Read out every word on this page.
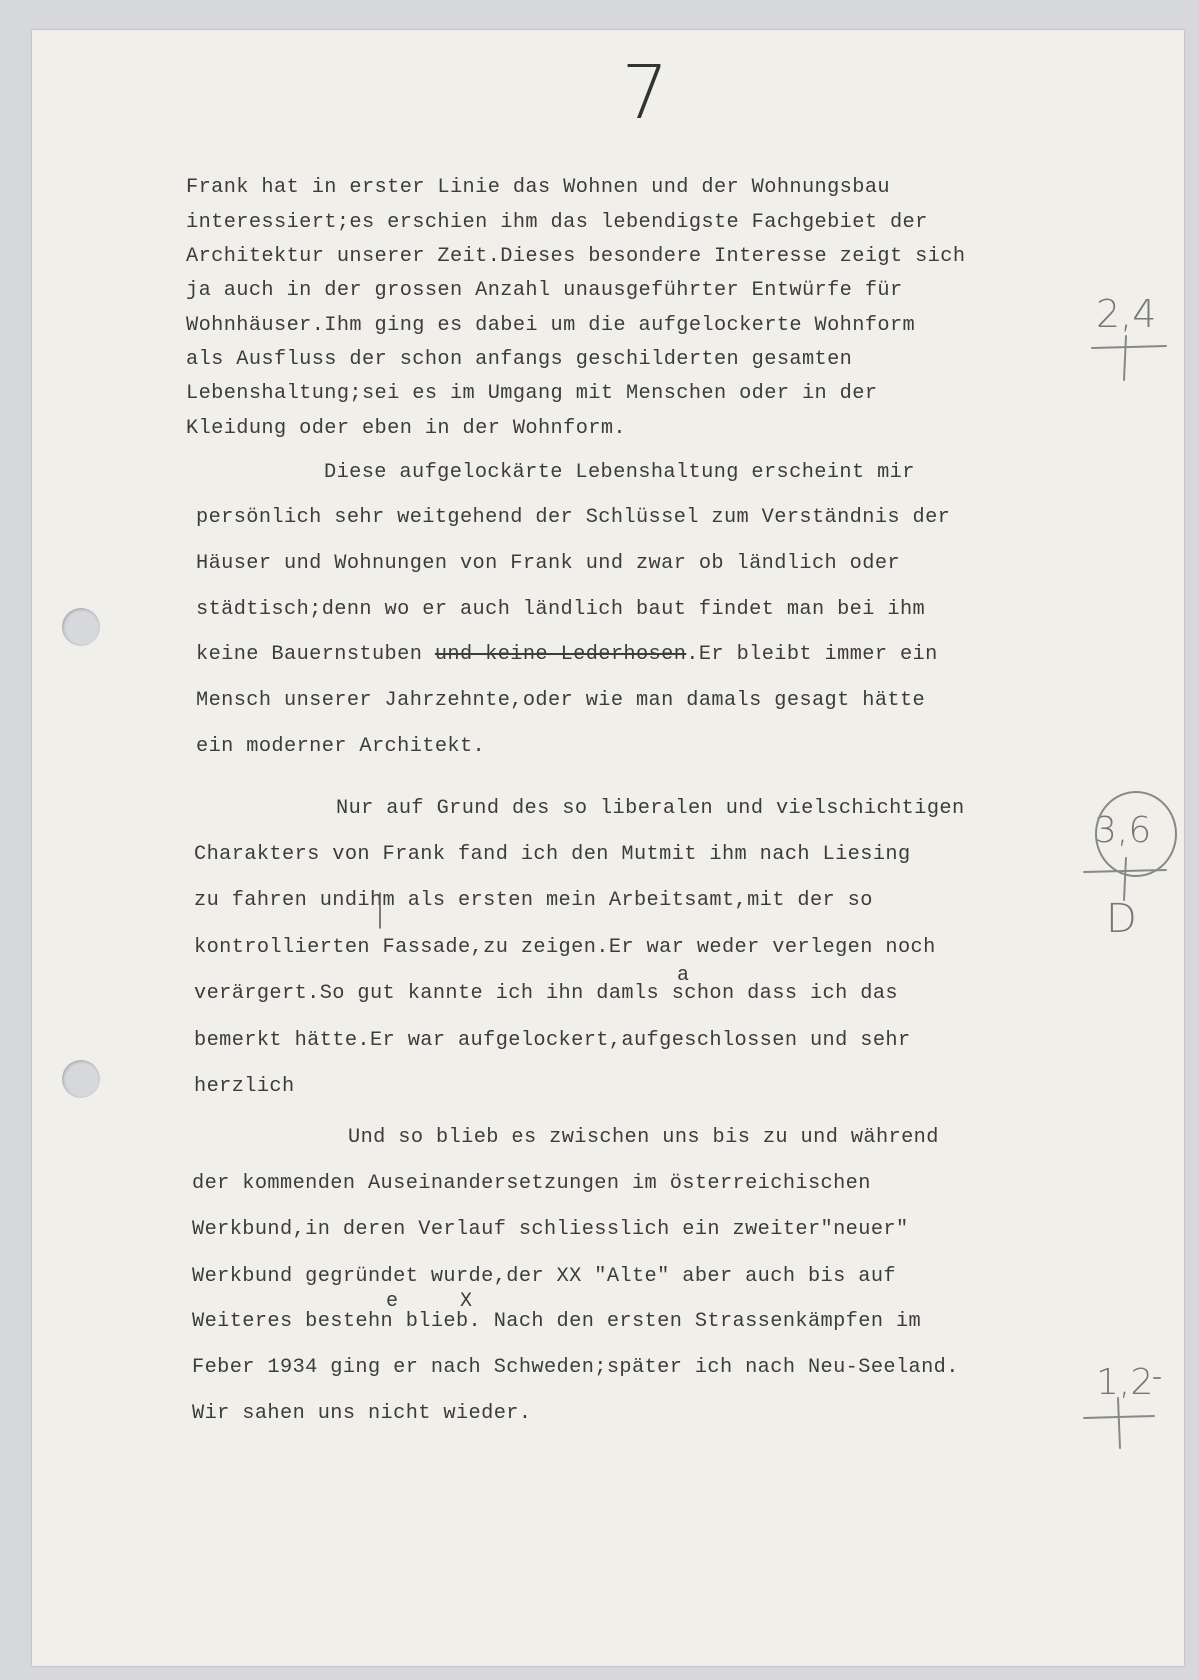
7
Frank hat in erster Linie das Wohnen und der Wohnungsbau
interessiert;es erschien ihm das lebendigste Fachgebiet der
Architektur unserer Zeit.Dieses besondere Interesse zeigt sich
ja auch in der grossen Anzahl unausgeführter Entwürfe für
Wohnhäuser.Ihm ging es dabei um die aufgelockerte Wohnform
als Ausfluss der schon anfangs geschilderten gesamten
Lebenshaltung;sei es im Umgang mit Menschen oder in der
Kleidung oder eben in der Wohnform.
Diese aufgelockärte Lebenshaltung erscheint mir
persönlich sehr weitgehend der Schlüssel zum Verständnis der
Häuser und Wohnungen von Frank und zwar ob ländlich oder
städtisch;denn wo er auch ländlich baut findet man bei ihm
keine Bauernstuben und keine Lederhosen.Er bleibt immer ein
Mensch unserer Jahrzehnte,oder wie man damals gesagt hätte
ein moderner Architekt.
Nur auf Grund des so liberalen und vielschichtigen
Charakters von Frank fand ich den Mutmit ihm nach Liesing
zu fahren undihm als ersten mein Arbeitsamt,mit der so
kontrollierten Fassade,zu zeigen.Er war weder verlegen noch
a
verärgert.So gut kannte ich ihn damls schon dass ich das
bemerkt hätte.Er war aufgelockert,aufgeschlossen und sehr
herzlich
Und so blieb es zwischen uns bis zu und während
der kommenden Auseinandersetzungen im österreichischen
Werkbund,in deren Verlauf schliesslich ein zweiter"neuer"
Werkbund gegründet wurde,der XX "Alte" aber auch bis auf
e	X
Weiteres bestehn blieb. Nach den ersten Strassenkämpfen im
Feber 1934 ging er nach Schweden;später ich nach Neu-Seeland.
Wir sahen uns nicht wieder.
2,4
3,6
D
1,2
